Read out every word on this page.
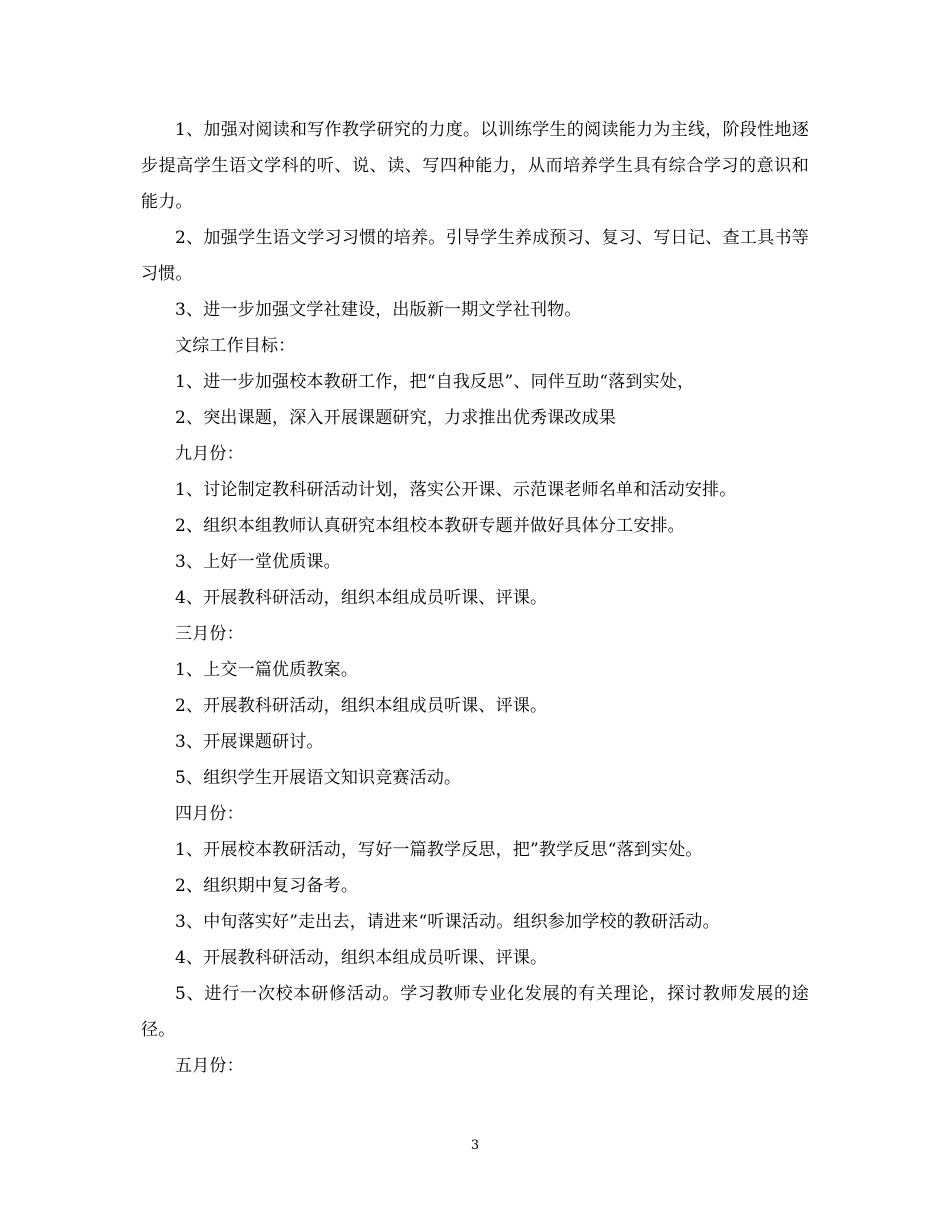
1、加强对阅读和写作教学研究的力度。以训练学生的阅读能力为主线，阶段性地逐步提高学生语文学科的听、说、读、写四种能力，从而培养学生具有综合学习的意识和能力。

2、加强学生语文学习习惯的培养。引导学生养成预习、复习、写日记、查工具书等习惯。

3、进一步加强文学社建设，出版新一期文学社刊物。

文综工作目标：

1、进一步加强校本教研工作，把“自我反思”、同伴互助“落到实处，

2、突出课题，深入开展课题研究，力求推出优秀课改成果

九月份：

1、讨论制定教科研活动计划，落实公开课、示范课老师名单和活动安排。

2、组织本组教师认真研究本组校本教研专题并做好具体分工安排。

3、上好一堂优质课。

4、开展教科研活动，组织本组成员听课、评课。

三月份：

1、上交一篇优质教案。

2、开展教科研活动，组织本组成员听课、评课。

3、开展课题研讨。

5、组织学生开展语文知识竞赛活动。

四月份：

1、开展校本教研活动，写好一篇教学反思，把”教学反思“落到实处。

2、组织期中复习备考。

3、中旬落实好”走出去，请进来“听课活动。组织参加学校的教研活动。

4、开展教科研活动，组织本组成员听课、评课。

5、进行一次校本研修活动。学习教师专业化发展的有关理论，探讨教师发展的途径。

五月份：

3
